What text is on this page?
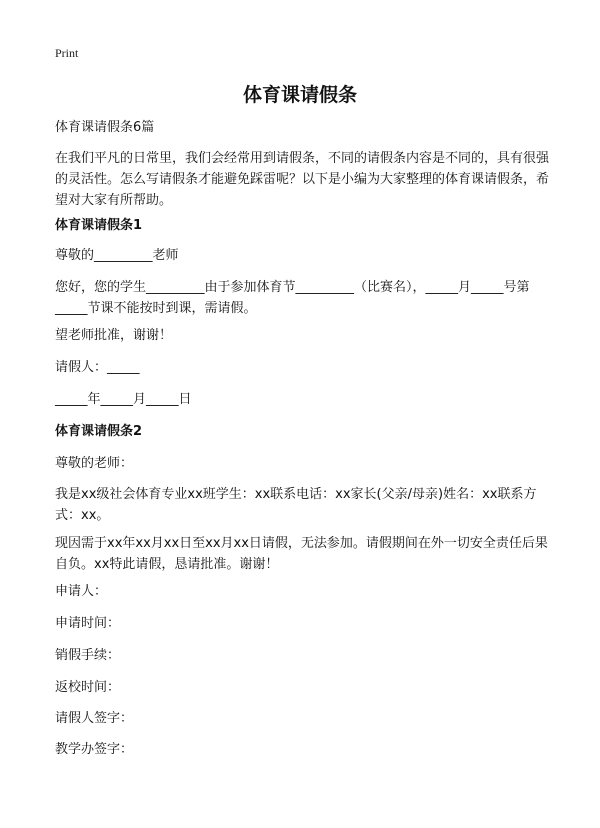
Print
体育课请假条
体育课请假条6篇
在我们平凡的日常里，我们会经常用到请假条，不同的请假条内容是不同的，具有很强的灵活性。怎么写请假条才能避免踩雷呢？以下是小编为大家整理的体育课请假条，希望对大家有所帮助。
体育课请假条1
尊敬的_________老师
您好，您的学生_________由于参加体育节_________（比赛名），_____月_____号第_____节课不能按时到课，需请假。
望老师批准，谢谢！
请假人：_____
_____年_____月_____日
体育课请假条2
尊敬的老师：
我是xx级社会体育专业xx班学生：xx联系电话：xx家长(父亲/母亲)姓名：xx联系方式：xx。
现因需于xx年xx月xx日至xx月xx日请假，无法参加。请假期间在外一切安全责任后果自负。xx特此请假，恳请批准。谢谢！
申请人：
申请时间：
销假手续：
返校时间：
请假人签字：
教学办签字：
